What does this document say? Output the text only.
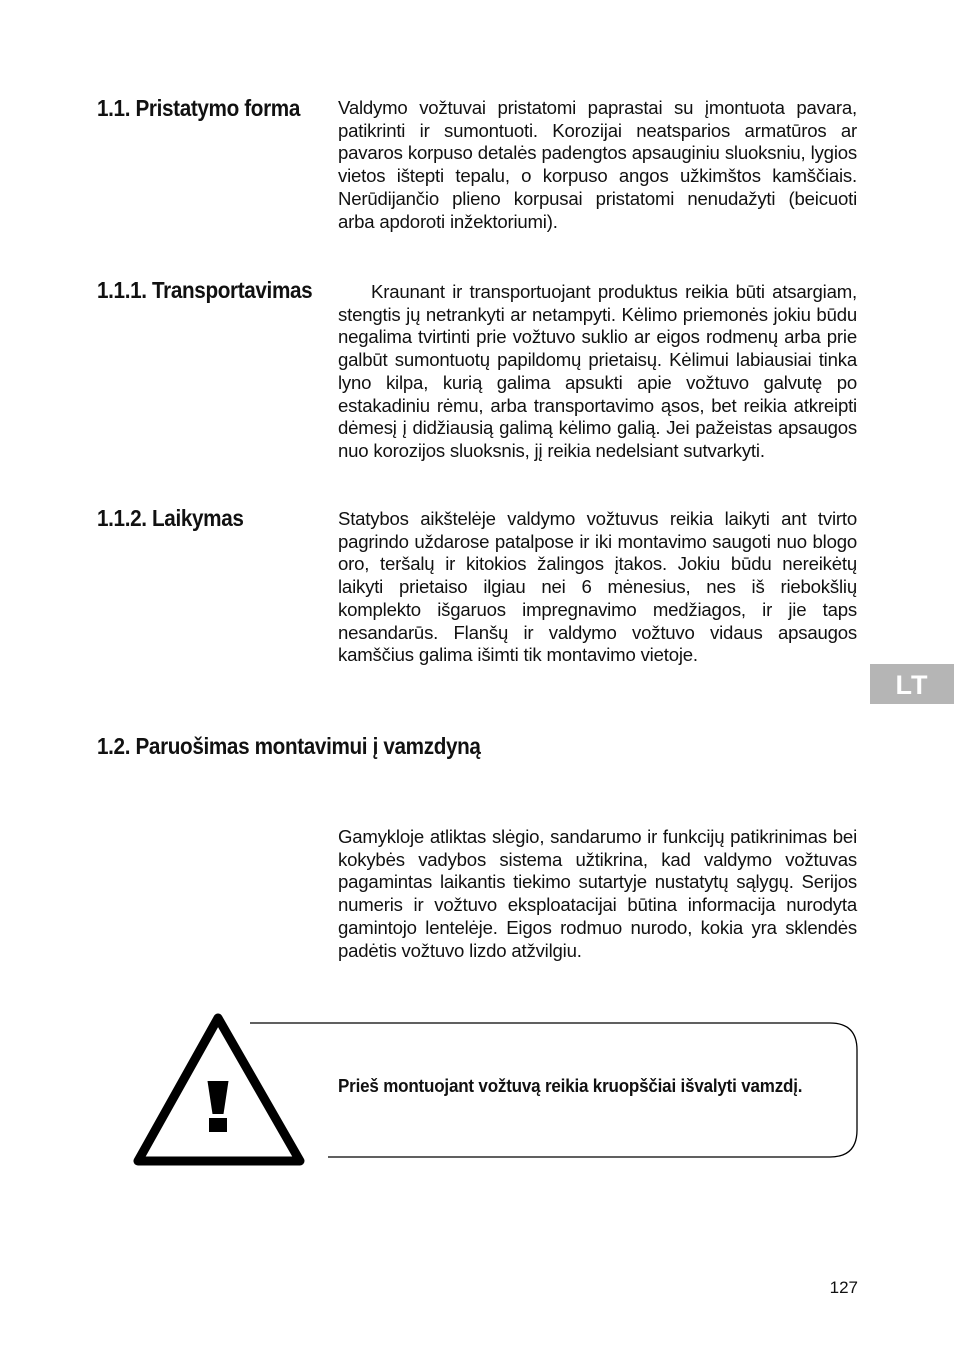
1.1. Pristatymo forma Valdymo vožtuvai pristatomi paprastai su įmontuota pavara, patikrinti ir sumontuoti. Korozijai neatsparios armatūros ar pavaros korpuso detalės padengtos apsauginiu sluoksniu, lygios vietos ištepti tepalu, o korpuso angos užkimštos kamščiais. Nerūdijančio plieno korpusai pristatomi nenudažyti (beicuoti arba apdoroti inžektoriumi).

1.1.1. Transportavimas	Kraunant ir transportuojant produktus reikia būti atsargiam, stengtis jų netrankyti ar netampyti. Kėlimo priemonės jokiu būdu negalima tvirtinti prie vožtuvo suklio ar eigos rodmenų arba prie galbūt sumontuotų papildomų prietaisų. Kėlimui labiausiai tinka lyno kilpa, kurią galima apsukti apie vožtuvo galvutę po estakadiniu rėmu, arba transportavimo ąsos, bet reikia atkreipti dėmesį į didžiausią galimą kėlimo galią. Jei pažeistas apsaugos nuo korozijos sluoksnis, jį reikia nedelsiant sutvarkyti.

1.1.2. Laikymas	Statybos aikštelėje valdymo vožtuvus reikia laikyti ant tvirto pagrindo uždarose patalpose ir iki montavimo saugoti nuo blogo oro, teršalų ir kitokios žalingos įtakos. Jokiu būdu nereikėtų laikyti prietaiso ilgiau nei 6 mėnesius, nes iš riebokšlių komplekto išgaruos impregnavimo medžiagos, ir jie taps nesandarūs. Flanšų ir valdymo vožtuvo vidaus apsaugos kamščius galima išimti tik montavimo vietoje.

LT
1.2. Paruošimas montavimui į vamzdyną

Gamykloje atliktas slėgio, sandarumo ir funkcijų patikrinimas bei kokybės vadybos sistema užtikrina, kad valdymo vožtuvas pagamintas laikantis tiekimo sutartyje nustatytų sąlygų. Serijos numeris ir vožtuvo eksploatacijai būtina informacija nurodyta gamintojo lentelėje. Eigos rodmuo nurodo, kokia yra sklendės padėtis vožtuvo lizdo atžvilgiu.

Prieš montuojant vožtuvą reikia kruopščiai išvalyti vamzdį.

127
